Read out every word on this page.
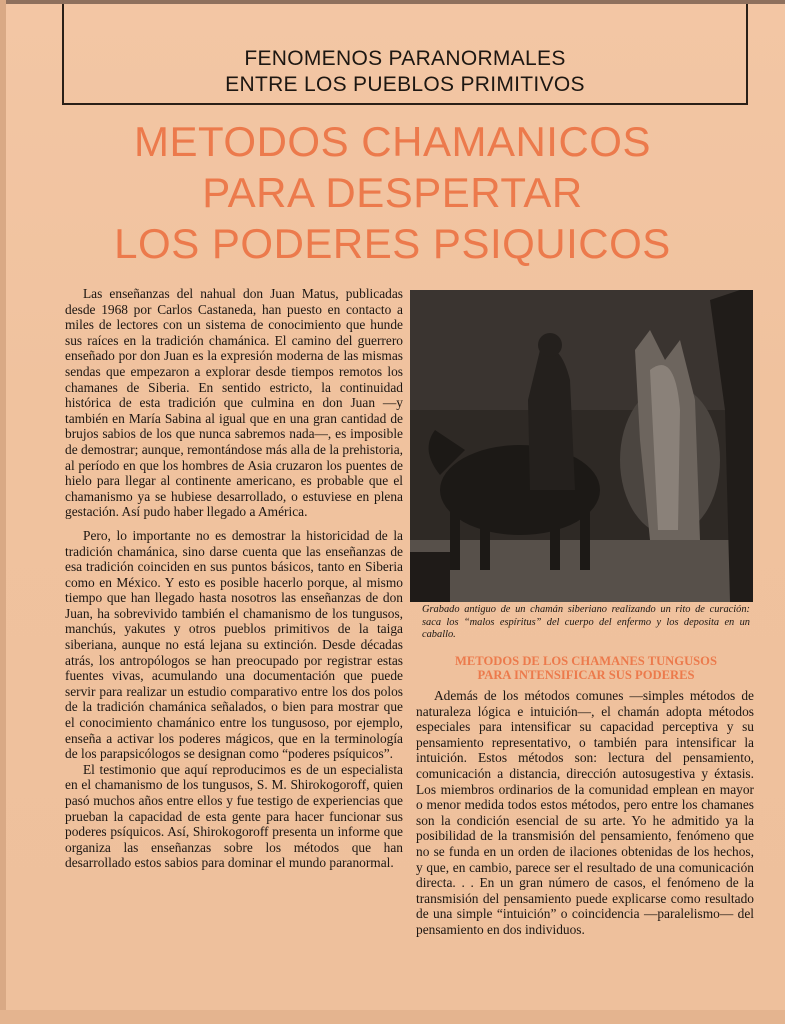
FENOMENOS PARANORMALES
ENTRE LOS PUEBLOS PRIMITIVOS
METODOS CHAMANICOS
PARA DESPERTAR
LOS PODERES PSIQUICOS

Las enseñanzas del nahual don Juan Matus, publicadas desde 1968 por Carlos Castaneda, han puesto en contacto a miles de lectores con un sistema de conocimiento que hunde sus raíces en la tradición chamánica. El camino del guerrero enseñado por don Juan es la expresión moderna de las mismas sendas que empezaron a explorar desde tiempos remotos los chamanes de Siberia. En sentido estricto, la continuidad histórica de esta tradición que culmina en don Juan —y también en María Sabina al igual que en una gran cantidad de brujos sabios de los que nunca sabremos nada—, es imposible de demostrar; aunque, remontándose más alla de la prehistoria, al período en que los hombres de Asia cruzaron los puentes de hielo para llegar al continente americano, es probable que el chamanismo ya se hubiese desarrollado, o estuviese en plena gestación. Así pudo haber llegado a América.

Pero, lo importante no es demostrar la historicidad de la tradición chamánica, sino darse cuenta que las enseñanzas de esa tradición coinciden en sus puntos básicos, tanto en Siberia como en México. Y esto es posible hacerlo porque, al mismo tiempo que han llegado hasta nosotros las enseñanzas de don Juan, ha sobrevivido también el chamanismo de los tungusos, manchús, yakutes y otros pueblos primitivos de la taiga siberiana, aunque no está lejana su extinción. Desde décadas atrás, los antropólogos se han preocupado por registrar estas fuentes vivas, acumulando una documentación que puede servir para realizar un estudio comparativo entre los dos polos de la tradición chamánica señalados, o bien para mostrar que el conocimiento chamánico entre los tungusoso, por ejemplo, enseña a activar los poderes mágicos, que en la terminología de los parapsicólogos se designan como “poderes psíquicos”.

El testimonio que aquí reproducimos es de un especialista en el chamanismo de los tungusos, S. M. Shirokogoroff, quien pasó muchos años entre ellos y fue testigo de experiencias que prueban la capacidad de esta gente para hacer funcionar sus poderes psíquicos. Así, Shirokogoroff presenta un informe que organiza las enseñanzas sobre los métodos que han desarrollado estos sabios para dominar el mundo paranormal.

Grabado antiguo de un chamán siberiano realizando un rito de curación: saca los “malos espíritus” del cuerpo del enfermo y los deposita en un caballo.
METODOS DE LOS CHAMANES TUNGUSOS
PARA INTENSIFICAR SUS PODERES

Además de los métodos comunes —simples métodos de naturaleza lógica e intuición—, el chamán adopta métodos especiales para intensificar su capacidad perceptiva y su pensamiento representativo, o también para intensificar la intuición. Estos métodos son: lectura del pensamiento, comunicación a distancia, dirección autosugestiva y éxtasis. Los miembros ordinarios de la comunidad emplean en mayor o menor medida todos estos métodos, pero entre los chamanes son la condición esencial de su arte. Yo he admitido ya la posibilidad de la transmisión del pensamiento, fenómeno que no se funda en un orden de ilaciones obtenidas de los hechos, y que, en cambio, parece ser el resultado de una comunicación directa. . . En un gran número de casos, el fenómeno de la transmisión del pensamiento puede explicarse como resultado de una simple “intuición” o coincidencia —paralelismo— del pensamiento en dos individuos.
